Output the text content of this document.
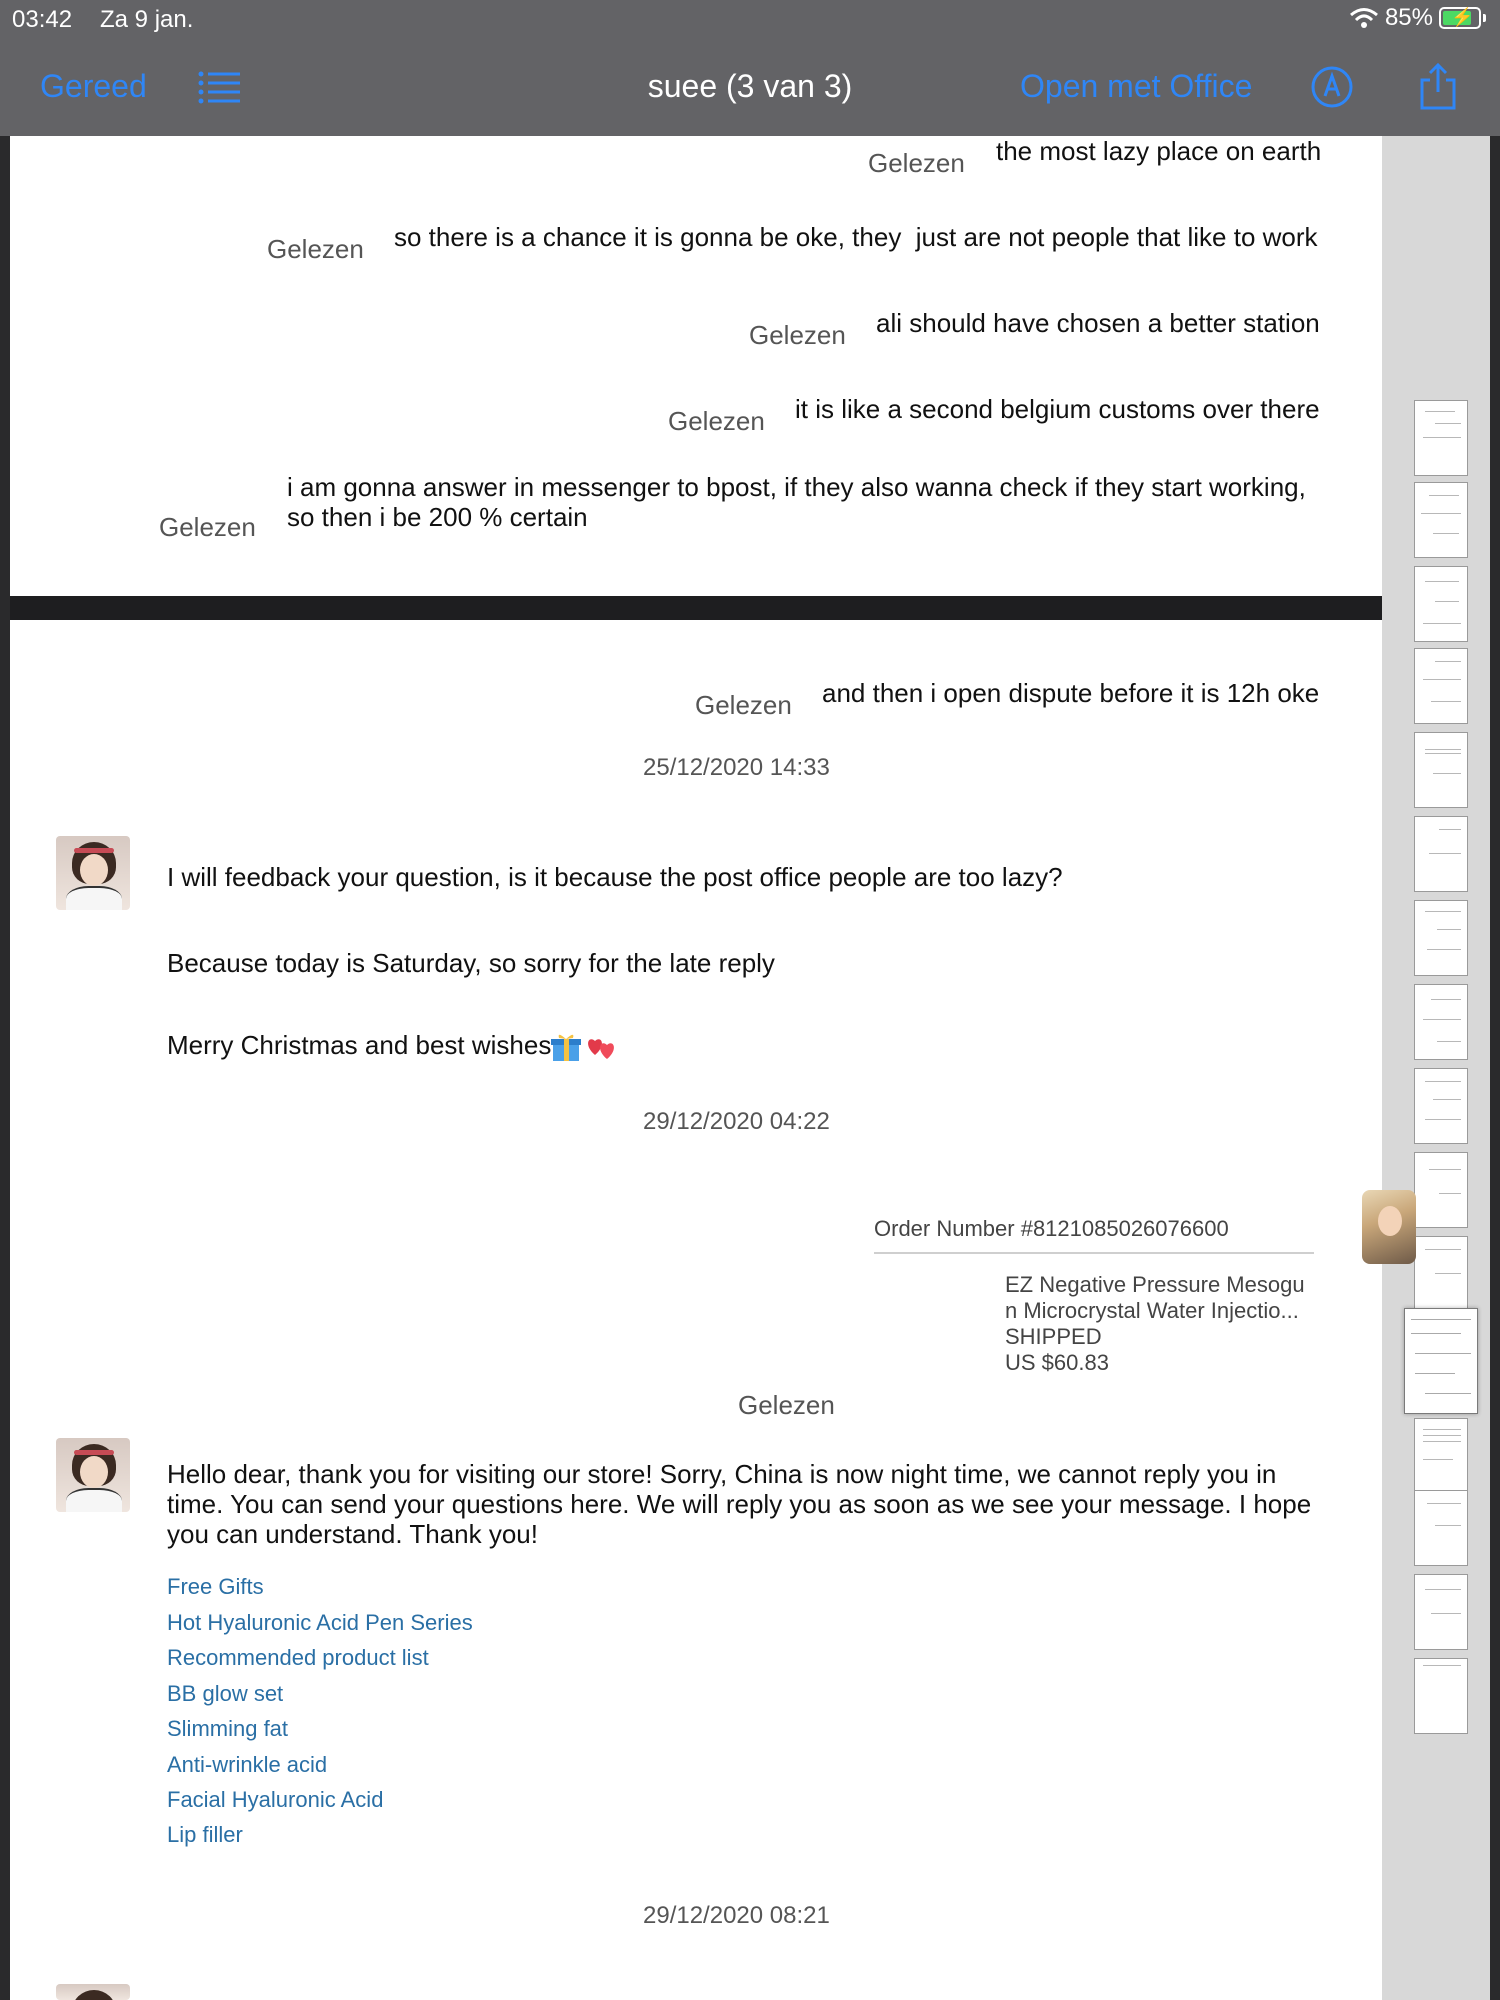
03:42 Za 9 jan.	85% ⚡
Gereed	suee (3 van 3)	Open met Office
Gelezen the most lazy place on earth
Gelezen so there is a chance it is gonna be oke, they  just are not people that like to work
Gelezen ali should have chosen a better station
Gelezen it is like a second belgium customs over there
Gelezen
i am gonna answer in messenger to bpost, if they also wanna check if they start working,
so then i be 200 % certain
Gelezen and then i open dispute before it is 12h oke
25/12/2020 14:33
I will feedback your question, is it because the post office people are too lazy?
Because today is Saturday, so sorry for the late reply
Merry Christmas and best wishes
29/12/2020 04:22
Order Number #8121085026076600
EZ Negative Pressure Mesogu
n Microcrystal Water Injectio...
SHIPPED
US $60.83
Gelezen
Hello dear, thank you for visiting our store! Sorry, China is now night time, we cannot reply you in
time. You can send your questions here. We will reply you as soon as we see your message. I hope
you can understand. Thank you!
Free Gifts
Hot Hyaluronic Acid Pen Series
Recommended product list
BB glow set
Slimming fat
Anti-wrinkle acid
Facial Hyaluronic Acid
Lip filler
29/12/2020 08:21
